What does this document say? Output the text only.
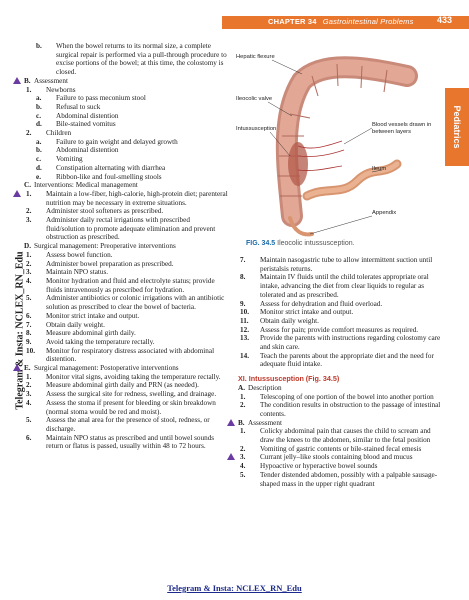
CHAPTER 34 Gastrointestinal Problems	433
Pediatrics
Telegram & Insta: NCLEX_RN_Edu
b.	When the bowel returns to its normal size, a complete surgical repair is performed via a pull-through procedure to excise portions of the bowel; at this time, the colostomy is closed.
B. Assessment
1.	Newborns
a.	Failure to pass meconium stool
b.	Refusal to suck
c.	Abdominal distention
d.	Bile-stained vomitus
2.	Children
a.	Failure to gain weight and delayed growth
b.	Abdominal distention
c.	Vomiting
d.	Constipation alternating with diarrhea
e.	Ribbon-like and foul-smelling stools
C. Interventions: Medical management
1.	Maintain a low-fiber, high-calorie, high-protein diet; parenteral nutrition may be necessary in extreme situations.
2.	Administer stool softeners as prescribed.
3.	Administer daily rectal irrigations with prescribed fluid/solution to promote adequate elimination and prevent obstruction as prescribed.
D. Surgical management: Preoperative interventions
1.	Assess bowel function.
2.	Administer bowel preparation as prescribed.
3.	Maintain NPO status.
4.	Monitor hydration and fluid and electrolyte status; provide fluids intravenously as prescribed for hydration.
5.	Administer antibiotics or colonic irrigations with an antibiotic solution as prescribed to clear the bowel of bacteria.
6.	Monitor strict intake and output.
7.	Obtain daily weight.
8.	Measure abdominal girth daily.
9.	Avoid taking the temperature rectally.
10.	Monitor for respiratory distress associated with abdominal distention.
E. Surgical management: Postoperative interventions
1.	Monitor vital signs, avoiding taking the temperature rectally.
2.	Measure abdominal girth daily and PRN (as needed).
3.	Assess the surgical site for redness, swelling, and drainage.
4.	Assess the stoma if present for bleeding or skin breakdown (normal stoma would be red and moist).
5.	Assess the anal area for the presence of stool, redness, or discharge.
6.	Maintain NPO status as prescribed and until bowel sounds return or flatus is passed, usually within 48 to 72 hours.
Hepatic flexure
Ileocolic valve
Intussusception
Blood vessels drawn in between layers
Ileum
Appendix
FIG. 34.5 Ileocolic intussusception.
7.	Maintain nasogastric tube to allow intermittent suction until peristalsis returns.
8.	Maintain IV fluids until the child tolerates appropriate oral intake, advancing the diet from clear liquids to regular as tolerated and as prescribed.
9.	Assess for dehydration and fluid overload.
10.	Monitor strict intake and output.
11.	Obtain daily weight.
12.	Assess for pain; provide comfort measures as required.
13.	Provide the parents with instructions regarding colostomy care and skin care.
14.	Teach the parents about the appropriate diet and the need for adequate fluid intake.
XI. Intussusception (Fig. 34.5)
A. Description
1.	Telescoping of one portion of the bowel into another portion
2.	The condition results in obstruction to the passage of intestinal contents.
B. Assessment
1.	Colicky abdominal pain that causes the child to scream and draw the knees to the abdomen, similar to the fetal position
2.	Vomiting of gastric contents or bile-stained fecal emesis
3.	Currant jelly–like stools containing blood and mucus
4.	Hypoactive or hyperactive bowel sounds
5.	Tender distended abdomen, possibly with a palpable sausage-shaped mass in the upper right quadrant
Telegram & Insta: NCLEX_RN_Edu
